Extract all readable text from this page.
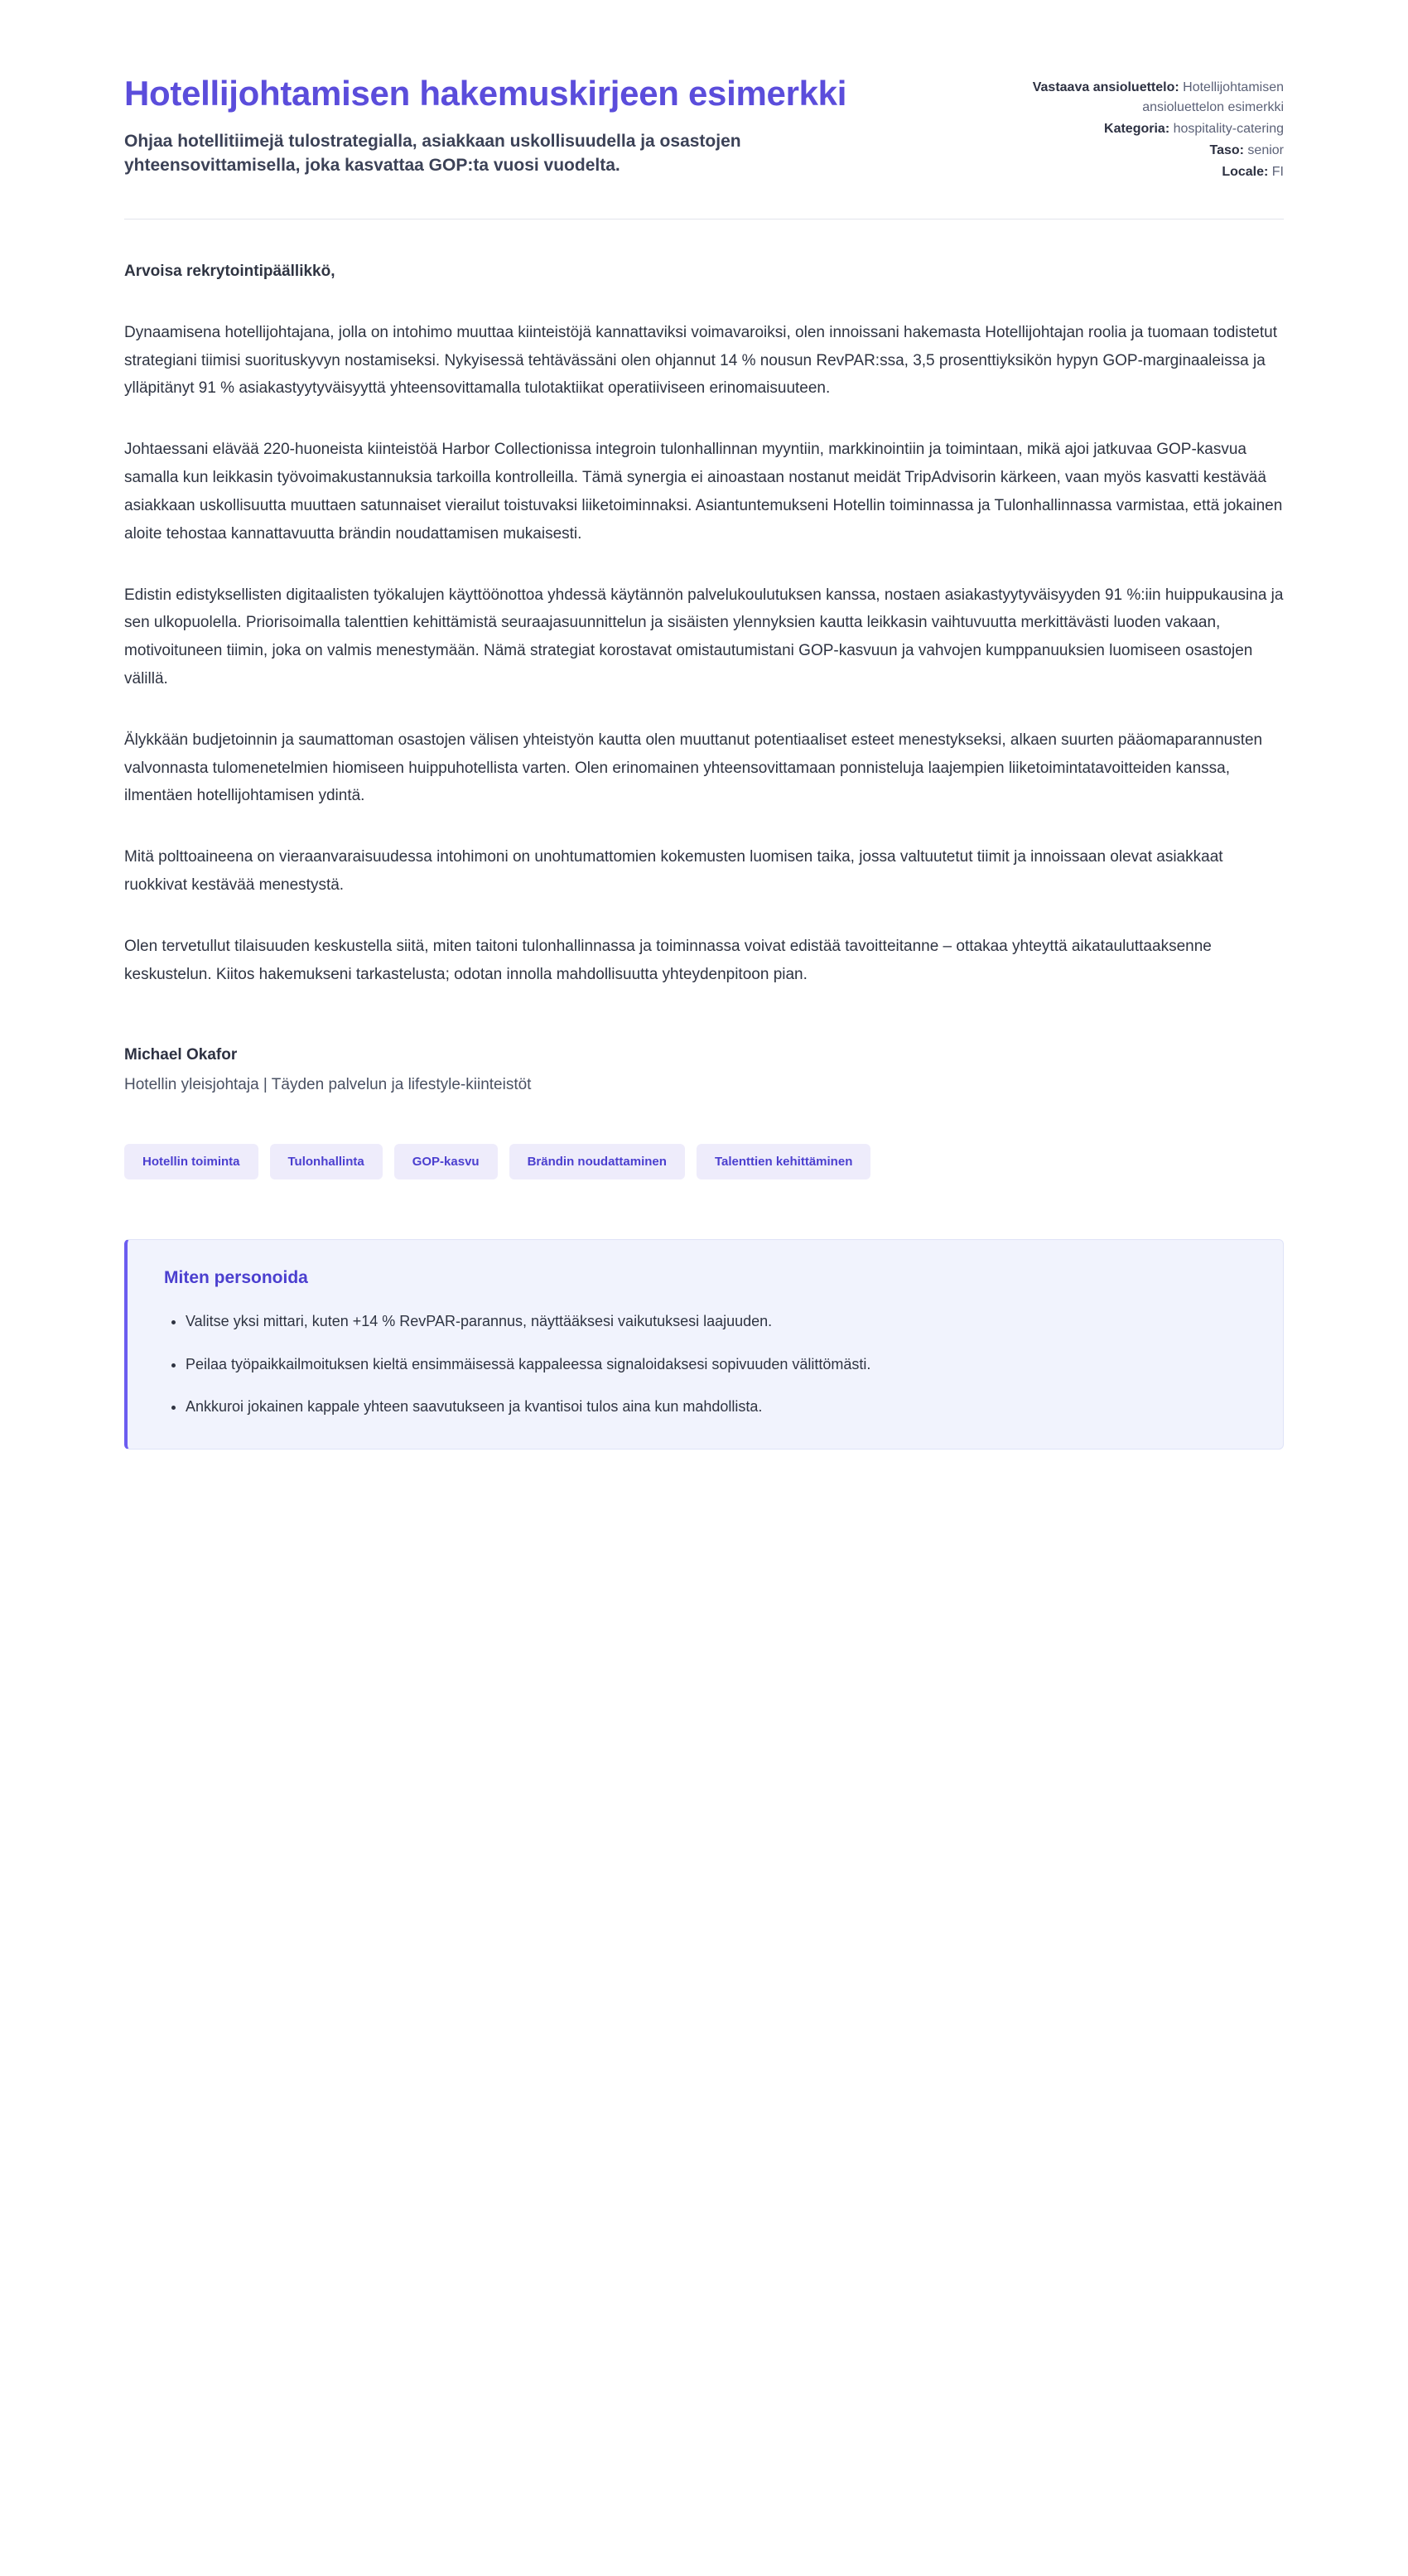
Hotellijohtamisen hakemuskirjeen esimerkki

Ohjaa hotellitiimejä tulostrategialla, asiakkaan uskollisuudella ja osastojen yhteensovittamisella, joka kasvattaa GOP:ta vuosi vuodelta.

Vastaava ansioluettelo: Hotellijohtamisen ansioluettelon esimerkki
Kategoria: hospitality-catering
Taso: senior
Locale: FI

Arvoisa rekrytointipäällikkö,

Dynaamisena hotellijohtajana, jolla on intohimo muuttaa kiinteistöjä kannattaviksi voimavaroiksi, olen innoissani hakemasta Hotellijohtajan roolia ja tuomaan todistetut strategiani tiimisi suorituskyvyn nostamiseksi. Nykyisessä tehtävässäni olen ohjannut 14 % nousun RevPAR:ssa, 3,5 prosenttiyksikön hypyn GOP-marginaaleissa ja ylläpitänyt 91 % asiakastyytyväisyyttä yhteensovittamalla tulotaktiikat operatiiviseen erinomaisuuteen.

Johtaessani elävää 220-huoneista kiinteistöä Harbor Collectionissa integroin tulonhallinnan myyntiin, markkinointiin ja toimintaan, mikä ajoi jatkuvaa GOP-kasvua samalla kun leikkasin työvoimakustannuksia tarkoilla kontrolleilla. Tämä synergia ei ainoastaan nostanut meidät TripAdvisorin kärkeen, vaan myös kasvatti kestävää asiakkaan uskollisuutta muuttaen satunnaiset vierailut toistuvaksi liiketoiminnaksi. Asiantuntemukseni Hotellin toiminnassa ja Tulonhallinnassa varmistaa, että jokainen aloite tehostaa kannattavuutta brändin noudattamisen mukaisesti.

Edistin edistyksellisten digitaalisten työkalujen käyttöönottoa yhdessä käytännön palvelukoulutuksen kanssa, nostaen asiakastyytyväisyyden 91 %:iin huippukausina ja sen ulkopuolella. Priorisoimalla talenttien kehittämistä seuraajasuunnittelun ja sisäisten ylennyksien kautta leikkasin vaihtuvuutta merkittävästi luoden vakaan, motivoituneen tiimin, joka on valmis menestymään. Nämä strategiat korostavat omistautumistani GOP-kasvuun ja vahvojen kumppanuuksien luomiseen osastojen välillä.

Älykkään budjetoinnin ja saumattoman osastojen välisen yhteistyön kautta olen muuttanut potentiaaliset esteet menestykseksi, alkaen suurten pääomaparannusten valvonnasta tulomenetelmien hiomiseen huippuhotellista varten. Olen erinomainen yhteensovittamaan ponnisteluja laajempien liiketoimintatavoitteiden kanssa, ilmentäen hotellijohtamisen ydintä.

Mitä polttoaineena on vieraanvaraisuudessa intohimoni on unohtumattomien kokemusten luomisen taika, jossa valtuutetut tiimit ja innoissaan olevat asiakkaat ruokkivat kestävää menestystä.

Olen tervetullut tilaisuuden keskustella siitä, miten taitoni tulonhallinnassa ja toiminnassa voivat edistää tavoitteitanne – ottakaa yhteyttä aikatauluttaaksenne keskustelun. Kiitos hakemukseni tarkastelusta; odotan innolla mahdollisuutta yhteydenpitoon pian.

Michael Okafor

Hotellin yleisjohtaja | Täyden palvelun ja lifestyle-kiinteistöt

Hotellin toiminta	Tulonhallinta	GOP-kasvu	Brändin noudattaminen	Talenttien kehittäminen
Miten personoida
• Valitse yksi mittari, kuten +14 % RevPAR-parannus, näyttääksesi vaikutuksesi laajuuden.
• Peilaa työpaikkailmoituksen kieltä ensimmäisessä kappaleessa signaloidaksesi sopivuuden välittömästi.
• Ankkuroi jokainen kappale yhteen saavutukseen ja kvantisoi tulos aina kun mahdollista.
